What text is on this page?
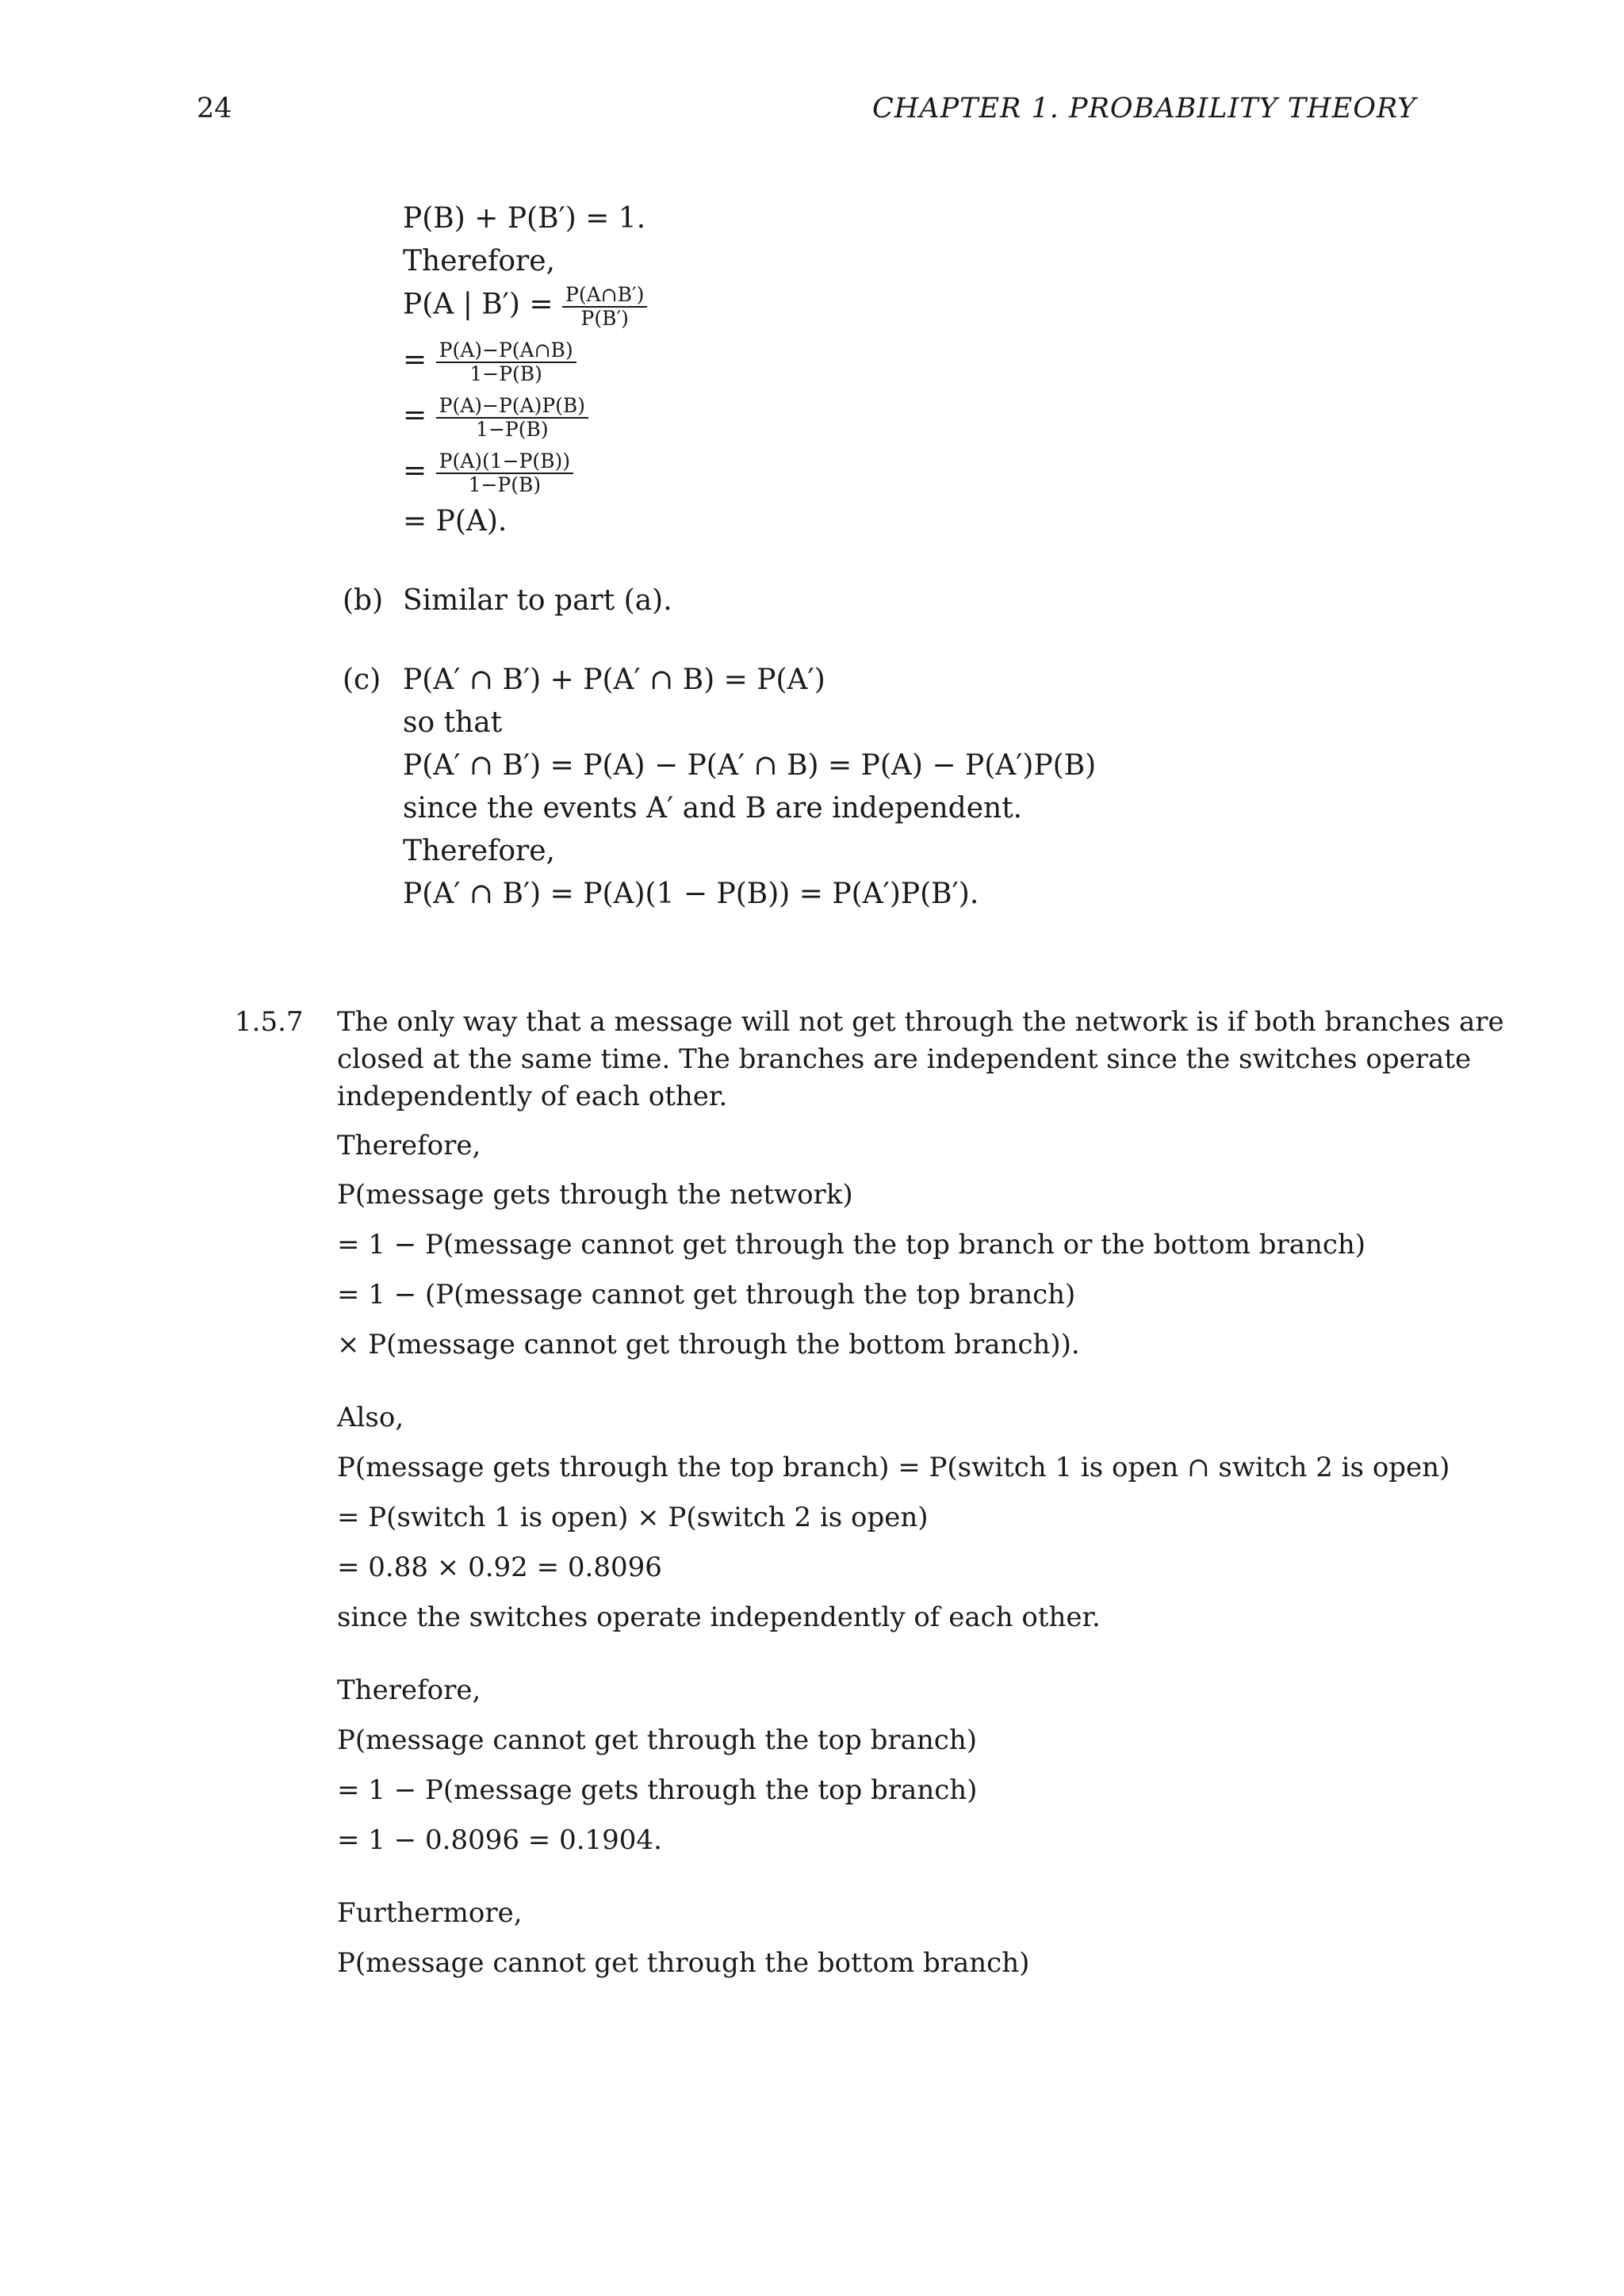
24	CHAPTER 1. PROBABILITY THEORY
P(B) + P(B′) = 1.
Therefore,
P(A | $B') = \frac{P(A\cap B')}{P(B')}$
= $\frac{P(A)-P(A\cap B)}{1-P(B)}$
= $\frac{P(A)-P(A)P(B)}{1-P(B)}$
= $\frac{P(A)(1-P(B))}{1-P(B)}$
= P(A).
(b) Similar to part (a).
(c) P(A′ ∩ B′) + P(A′ ∩ B) = P(A′)
so that
P(A′ ∩ B′) = P(A) − P(A′ ∩ B) = P(A) − P(A′)P(B)
since the events A′ and B are independent.
Therefore,
P(A′ ∩ B′) = P(A)(1 − P(B)) = P(A′)P(B′).
1.5.7 The only way that a message will not get through the network is if both branches are
closed at the same time. The branches are independent since the switches operate
independently of each other.
Therefore,
P(message gets through the network)
= 1 − P(message cannot get through the top branch or the bottom branch)
= 1 − (P(message cannot get through the top branch)
× P(message cannot get through the bottom branch)).
Also,
P(message gets through the top branch) = P(switch 1 is open ∩ switch 2 is open)
= P(switch 1 is open) × P(switch 2 is open)
= 0.88 × 0.92 = 0.8096
since the switches operate independently of each other.
Therefore,
P(message cannot get through the top branch)
= 1 − P(message gets through the top branch)
= 1 − 0.8096 = 0.1904.
Furthermore,
P(message cannot get through the bottom branch)
